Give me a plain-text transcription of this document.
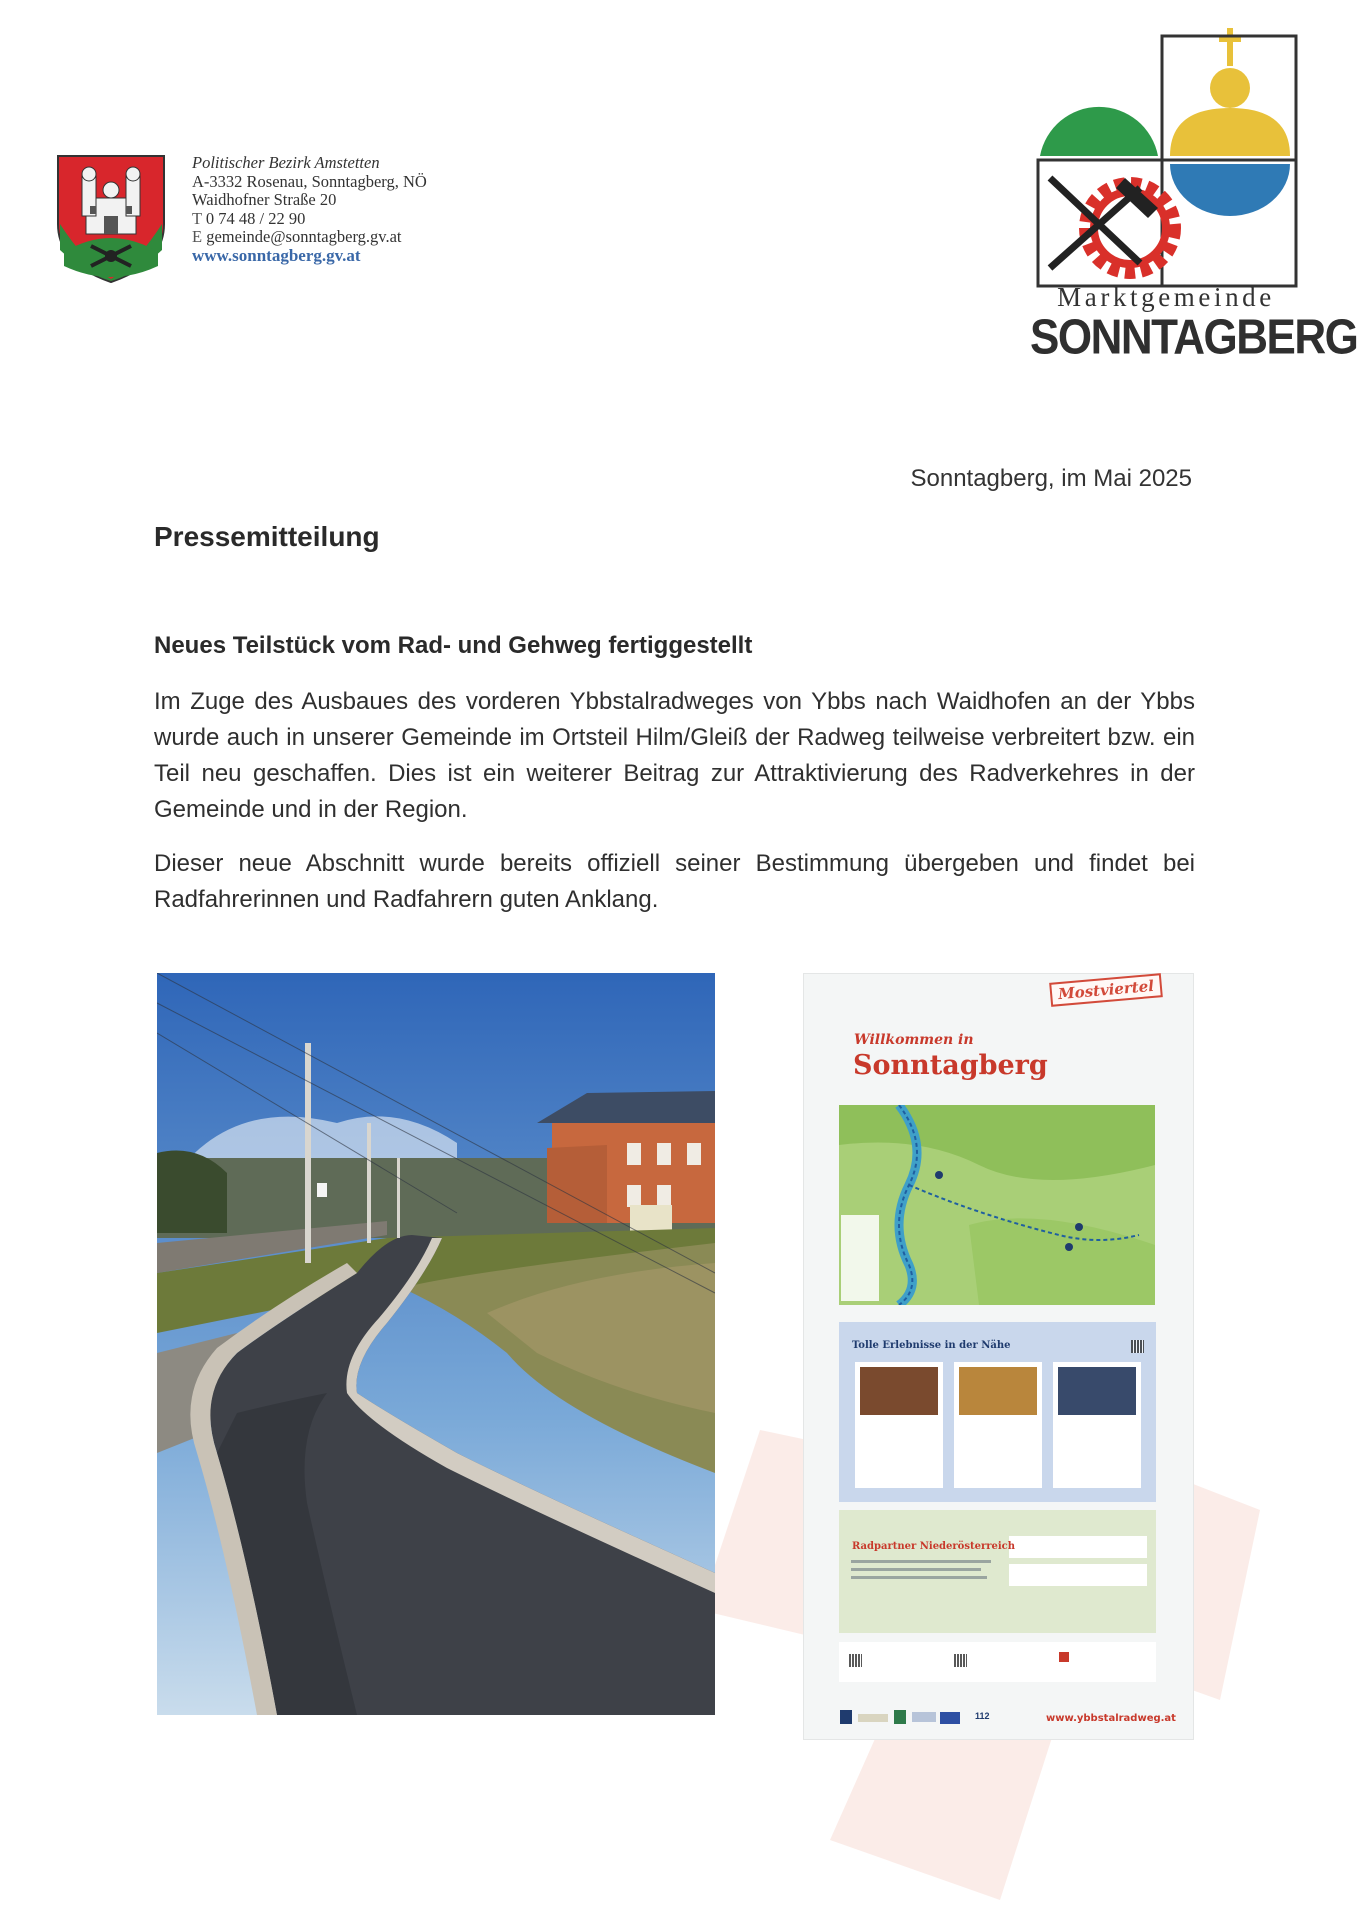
Politischer Bezirk Amstetten
A-3332 Rosenau, Sonntagberg, NÖ
Waidhofner Straße 20
T 0 74 48 / 22 90
E gemeinde@sonntagberg.gv.at
www.sonntagberg.gv.at
Marktgemeinde
SONNTAGBERG
Sonntagberg, im Mai 2025
Pressemitteilung
Neues Teilstück vom Rad- und Gehweg fertiggestellt
Im Zuge des Ausbaues des vorderen Ybbstalradweges von Ybbs nach Waidhofen an der Ybbs wurde auch in unserer Gemeinde im Ortsteil Hilm/Gleiß der Radweg teilweise verbreitert bzw. ein Teil neu geschaffen. Dies ist ein weiterer Beitrag zur Attraktivierung des Radverkehres in der Gemeinde und in der Region.
Dieser neue Abschnitt wurde bereits offiziell seiner Bestimmung übergeben und findet bei Radfahrerinnen und Radfahrern guten Anklang.
Mostviertel
Willkommen in
Sonntagberg
Tolle Erlebnisse in der Nähe
Radpartner Niederösterreich
112	www.ybbstalradweg.at
